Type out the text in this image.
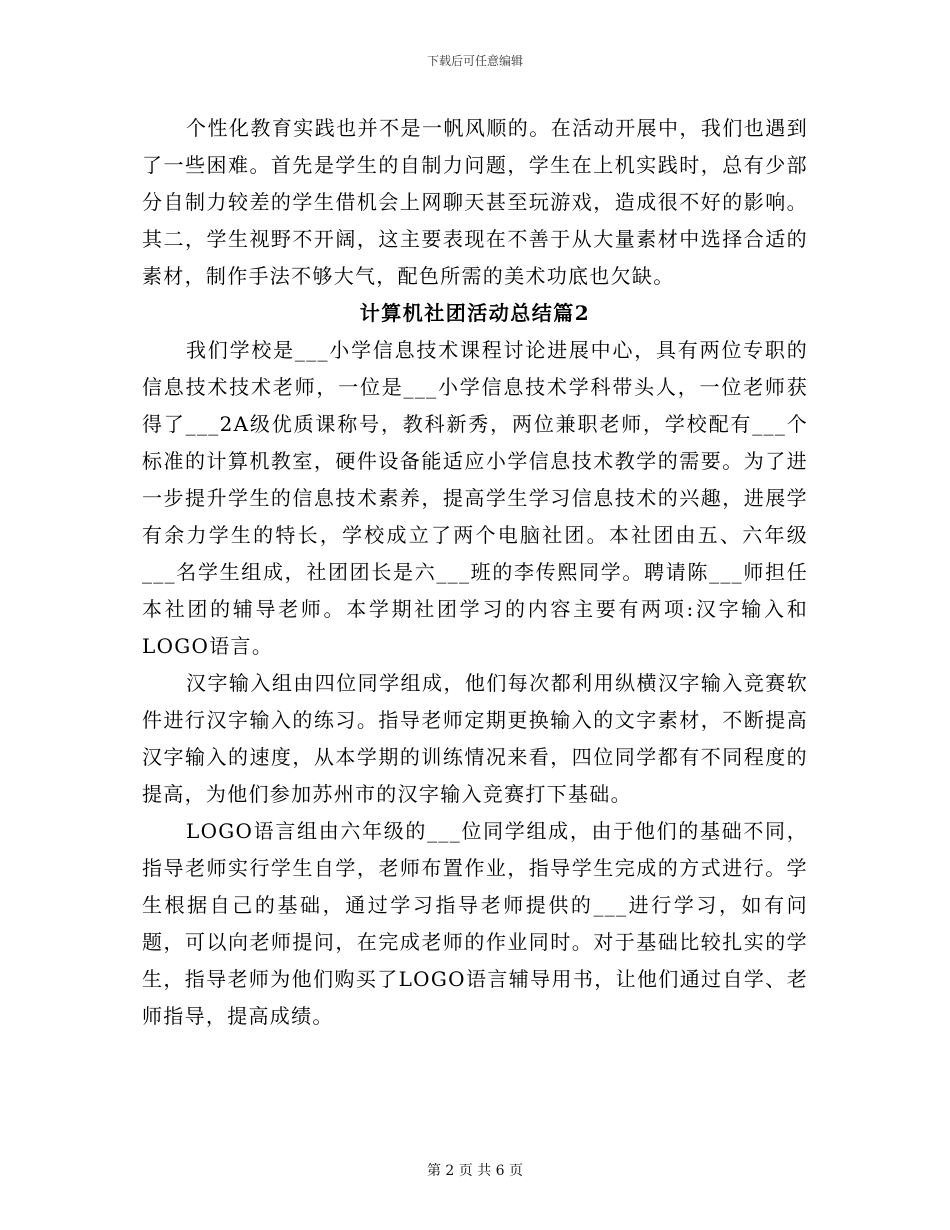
下载后可任意编辑

个性化教育实践也并不是一帆风顺的。在活动开展中，我们也遇到了一些困难。首先是学生的自制力问题，学生在上机实践时，总有少部分自制力较差的学生借机会上网聊天甚至玩游戏，造成很不好的影响。其二，学生视野不开阔，这主要表现在不善于从大量素材中选择合适的素材，制作手法不够大气，配色所需的美术功底也欠缺。

计算机社团活动总结篇2

我们学校是___小学信息技术课程讨论进展中心，具有两位专职的信息技术技术老师，一位是___小学信息技术学科带头人，一位老师获得了___2A级优质课称号，教科新秀，两位兼职老师，学校配有___个标准的计算机教室，硬件设备能适应小学信息技术教学的需要。为了进一步提升学生的信息技术素养，提高学生学习信息技术的兴趣，进展学有余力学生的特长，学校成立了两个电脑社团。本社团由五、六年级___名学生组成，社团团长是六___班的李传熙同学。聘请陈___师担任本社团的辅导老师。本学期社团学习的内容主要有两项:汉字输入和LOGO语言。

汉字输入组由四位同学组成，他们每次都利用纵横汉字输入竞赛软件进行汉字输入的练习。指导老师定期更换输入的文字素材，不断提高汉字输入的速度，从本学期的训练情况来看，四位同学都有不同程度的提高，为他们参加苏州市的汉字输入竞赛打下基础。

LOGO语言组由六年级的___位同学组成，由于他们的基础不同，指导老师实行学生自学，老师布置作业，指导学生完成的方式进行。学生根据自己的基础，通过学习指导老师提供的___进行学习，如有问题，可以向老师提问，在完成老师的作业同时。对于基础比较扎实的学生，指导老师为他们购买了LOGO语言辅导用书，让他们通过自学、老师指导，提高成绩。

第 2 页 共 6 页
